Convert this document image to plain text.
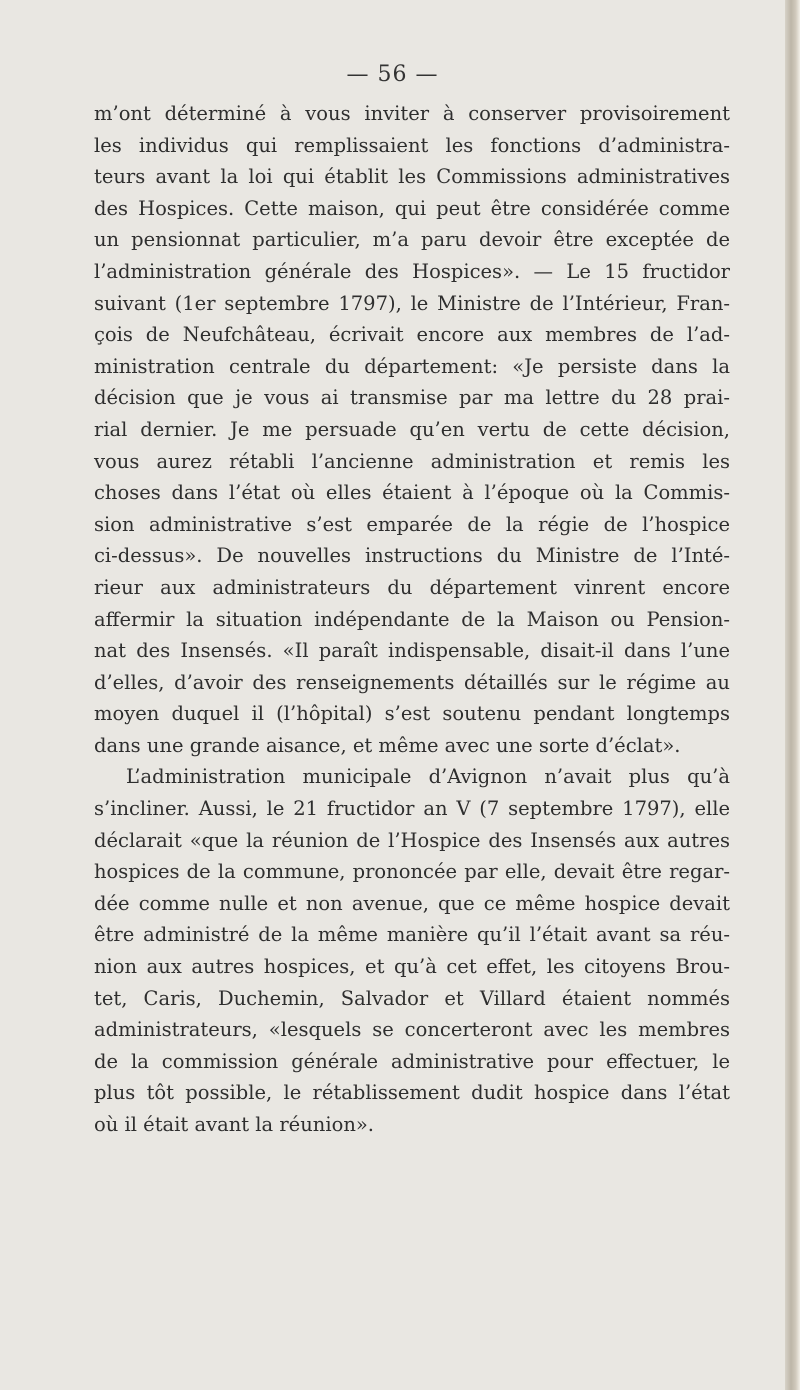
— 56 —
m’ont déterminé à vous inviter à conserver provisoirement
les individus qui remplissaient les fonctions d’administra-
teurs avant la loi qui établit les Commissions administratives
des Hospices. Cette maison, qui peut être considérée comme
un pensionnat particulier, m’a paru devoir être exceptée de
l’administration générale des Hospices». — Le 15 fructidor
suivant (1er septembre 1797), le Ministre de l’Intérieur, Fran-
çois de Neufchâteau, écrivait encore aux membres de l’ad-
ministration centrale du département: «Je persiste dans la
décision que je vous ai transmise par ma lettre du 28 prai-
rial dernier. Je me persuade qu’en vertu de cette décision,
vous aurez rétabli l’ancienne administration et remis les
choses dans l’état où elles étaient à l’époque où la Commis-
sion administrative s’est emparée de la régie de l’hospice
ci-dessus». De nouvelles instructions du Ministre de l’Inté-
rieur aux administrateurs du département vinrent encore
affermir la situation indépendante de la Maison ou Pension-
nat des Insensés. «Il paraît indispensable, disait-il dans l’une
d’elles, d’avoir des renseignements détaillés sur le régime au
moyen duquel il (l’hôpital) s’est soutenu pendant longtemps
dans une grande aisance, et même avec une sorte d’éclat».
L’administration municipale d’Avignon n’avait plus qu’à
s’incliner. Aussi, le 21 fructidor an V (7 septembre 1797), elle
déclarait «que la réunion de l’Hospice des Insensés aux autres
hospices de la commune, prononcée par elle, devait être regar-
dée comme nulle et non avenue, que ce même hospice devait
être administré de la même manière qu’il l’était avant sa réu-
nion aux autres hospices, et qu’à cet effet, les citoyens Brou-
tet, Caris, Duchemin, Salvador et Villard étaient nommés
administrateurs, «lesquels se concerteront avec les membres
de la commission générale administrative pour effectuer, le
plus tôt possible, le rétablissement dudit hospice dans l’état
où il était avant la réunion».
